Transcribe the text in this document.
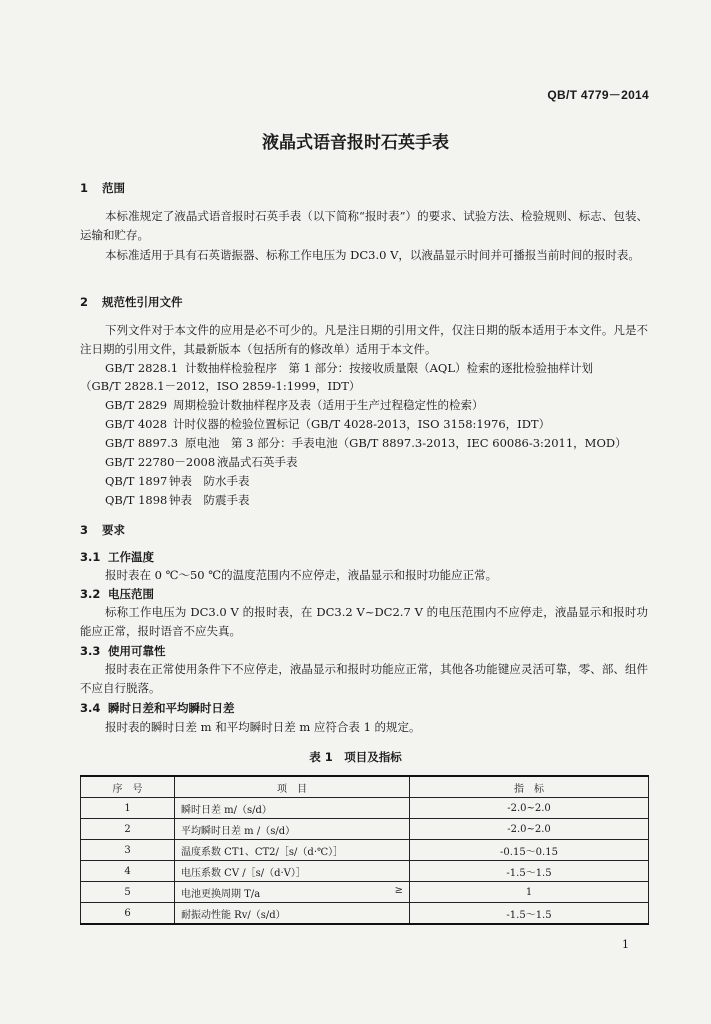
QB/T 4779－2014
液晶式语音报时石英手表
1 范围
本标准规定了液晶式语音报时石英手表（以下简称“报时表”）的要求、试验方法、检验规则、标志、包装、运输和贮存。
本标准适用于具有石英谐振器、标称工作电压为 DC3.0 V，以液晶显示时间并可播报当前时间的报时表。
2 规范性引用文件
下列文件对于本文件的应用是必不可少的。凡是注日期的引用文件，仅注日期的版本适用于本文件。凡是不注日期的引用文件，其最新版本（包括所有的修改单）适用于本文件。
GB/T 2828.1 计数抽样检验程序　第 1 部分：按接收质量限（AQL）检索的逐批检验抽样计划
（GB/T 2828.1－2012，ISO 2859-1:1999，IDT）
GB/T 2829 周期检验计数抽样程序及表（适用于生产过程稳定性的检索）
GB/T 4028 计时仪器的检验位置标记（GB/T 4028-2013，ISO 3158:1976，IDT）
GB/T 8897.3 原电池　第 3 部分：手表电池（GB/T 8897.3-2013，IEC 60086-3:2011，MOD）
GB/T 22780－2008 液晶式石英手表
QB/T 1897 钟表　防水手表
QB/T 1898 钟表　防震手表
3 要求
3.1 工作温度
报时表在 0 ℃～50 ℃的温度范围内不应停走，液晶显示和报时功能应正常。
3.2 电压范围
标称工作电压为 DC3.0 V 的报时表，在 DC3.2 V~DC2.7 V 的电压范围内不应停走，液晶显示和报时功能应正常，报时语音不应失真。
3.3 使用可靠性
报时表在正常使用条件下不应停走，液晶显示和报时功能应正常，其他各功能键应灵活可靠，零、部、组件不应自行脱落。
3.4 瞬时日差和平均瞬时日差
报时表的瞬时日差 m 和平均瞬时日差 m 应符合表 1 的规定。
表 1　项目及指标
序　号	项　目	指　标
1	瞬时日差 m/（s/d）	-2.0~2.0
2	平均瞬时日差 m /（s/d）	-2.0~2.0
3	温度系数 CT1、CT2/［s/（d·℃）］	-0.15～0.15
4	电压系数 CV /［s/（d·V）］	-1.5～1.5
5	电池更换周期 T/a ≥	1
6	耐振动性能 Rv/（s/d）	-1.5～1.5
1
